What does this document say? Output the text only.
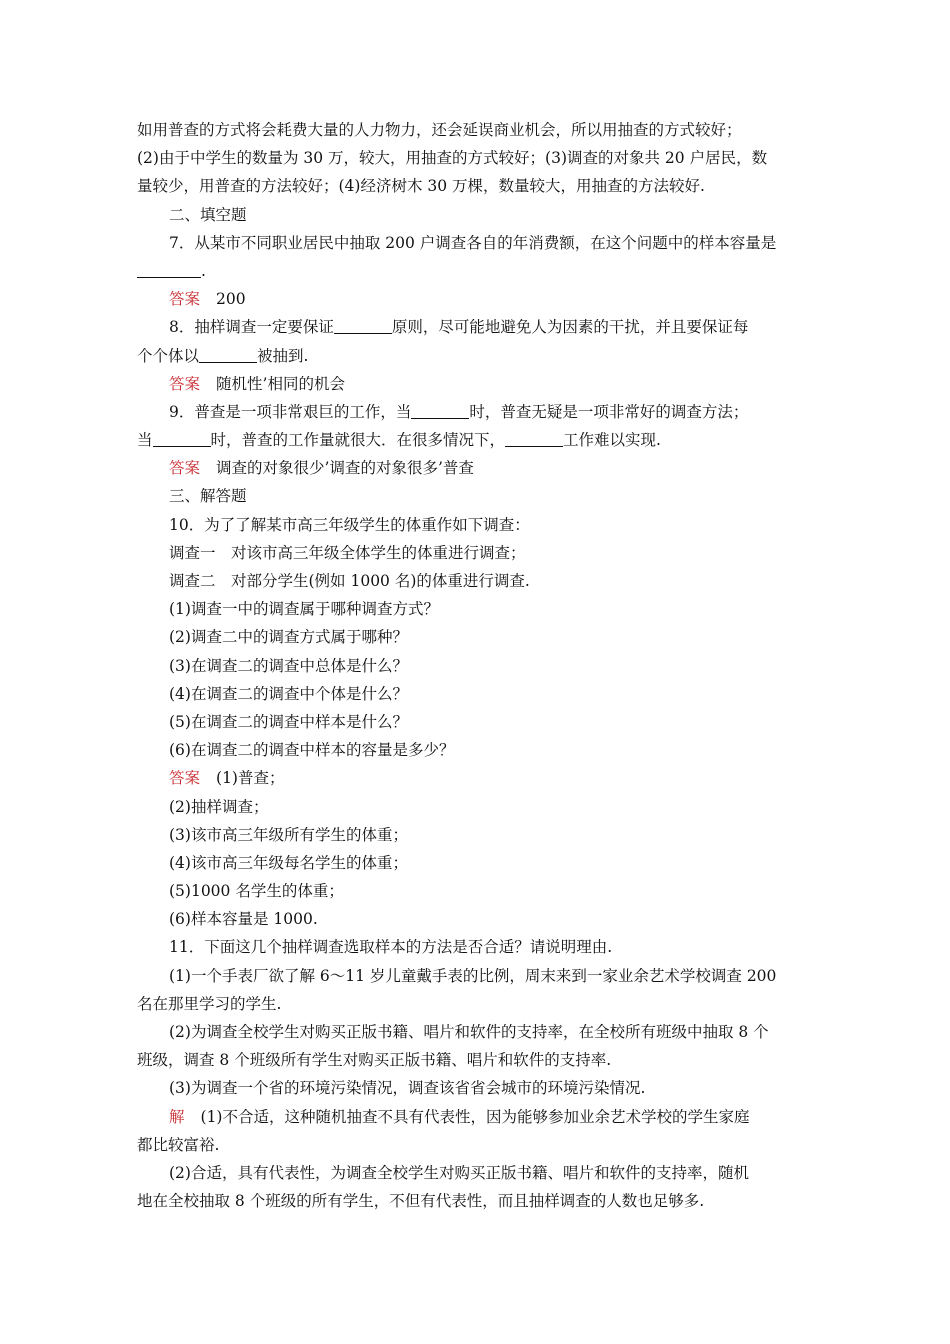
如用普查的方式将会耗费大量的人力物力，还会延误商业机会，所以用抽查的方式较好；
(2)由于中学生的数量为 30 万，较大，用抽查的方式较好；(3)调查的对象共 20 户居民，数
量较少，用普查的方法较好；(4)经济树木 30 万棵，数量较大，用抽查的方法较好.
二、填空题
7．从某市不同职业居民中抽取 200 户调查各自的年消费额，在这个问题中的样本容量是
.
答案 200
8．抽样调查一定要保证	原则，尽可能地避免人为因素的干扰，并且要保证每
个个体以	被抽到.
答案 随机性’相同的机会
9．普查是一项非常艰巨的工作，当	时，普查无疑是一项非常好的调查方法；
当	时，普查的工作量就很大．在很多情况下，	工作难以实现.
答案 调查的对象很少’调查的对象很多’普查
三、解答题
10．为了了解某市高三年级学生的体重作如下调查：
调查一　对该市高三年级全体学生的体重进行调查；
调查二　对部分学生(例如 1000 名)的体重进行调查.
(1)调查一中的调查属于哪种调查方式？
(2)调查二中的调查方式属于哪种？
(3)在调查二的调查中总体是什么？
(4)在调查二的调查中个体是什么？
(5)在调查二的调查中样本是什么？
(6)在调查二的调查中样本的容量是多少？
答案 (1)普查；
(2)抽样调查；
(3)该市高三年级所有学生的体重；
(4)该市高三年级每名学生的体重；
(5)1000 名学生的体重；
(6)样本容量是 1000.
11．下面这几个抽样调查选取样本的方法是否合适？请说明理由.
(1)一个手表厂欲了解 6～11 岁儿童戴手表的比例，周末来到一家业余艺术学校调查 200
名在那里学习的学生.
(2)为调查全校学生对购买正版书籍、唱片和软件的支持率，在全校所有班级中抽取 8 个
班级，调查 8 个班级所有学生对购买正版书籍、唱片和软件的支持率.
(3)为调查一个省的环境污染情况，调查该省省会城市的环境污染情况.
解 (1)不合适，这种随机抽查不具有代表性，因为能够参加业余艺术学校的学生家庭
都比较富裕.
(2)合适，具有代表性，为调查全校学生对购买正版书籍、唱片和软件的支持率，随机
地在全校抽取 8 个班级的所有学生，不但有代表性，而且抽样调查的人数也足够多.
